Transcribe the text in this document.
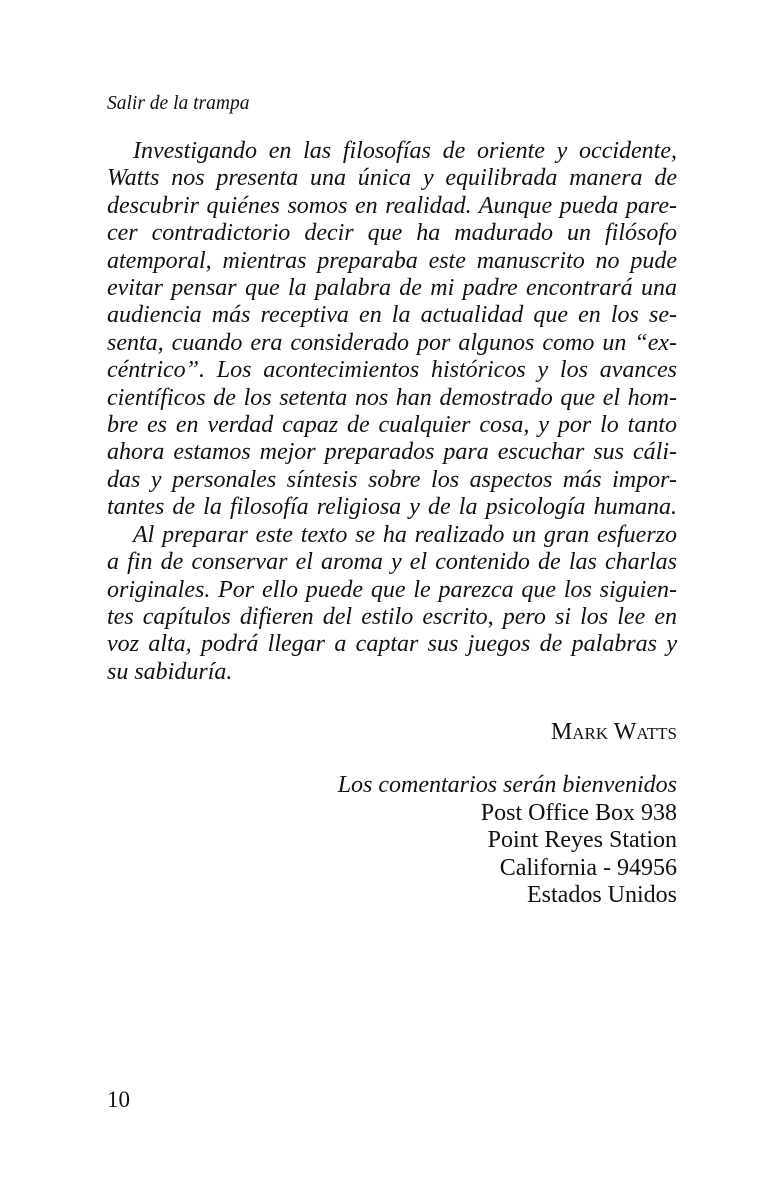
Salir de la trampa
Investigando en las filosofías de oriente y occidente,
Watts nos presenta una única y equilibrada manera de
descubrir quiénes somos en realidad. Aunque pueda pare-
cer contradictorio decir que ha madurado un filósofo
atemporal, mientras preparaba este manuscrito no pude
evitar pensar que la palabra de mi padre encontrará una
audiencia más receptiva en la actualidad que en los se-
senta, cuando era considerado por algunos como un “ex-
céntrico”. Los acontecimientos históricos y los avances
científicos de los setenta nos han demostrado que el hom-
bre es en verdad capaz de cualquier cosa, y por lo tanto
ahora estamos mejor preparados para escuchar sus cáli-
das y personales síntesis sobre los aspectos más impor-
tantes de la filosofía religiosa y de la psicología humana.
Al preparar este texto se ha realizado un gran esfuerzo
a fin de conservar el aroma y el contenido de las charlas
originales. Por ello puede que le parezca que los siguien-
tes capítulos difieren del estilo escrito, pero si los lee en
voz alta, podrá llegar a captar sus juegos de palabras y
su sabiduría.
Mark Watts
Los comentarios serán bienvenidos
Post Office Box 938
Point Reyes Station
California - 94956
Estados Unidos
10
